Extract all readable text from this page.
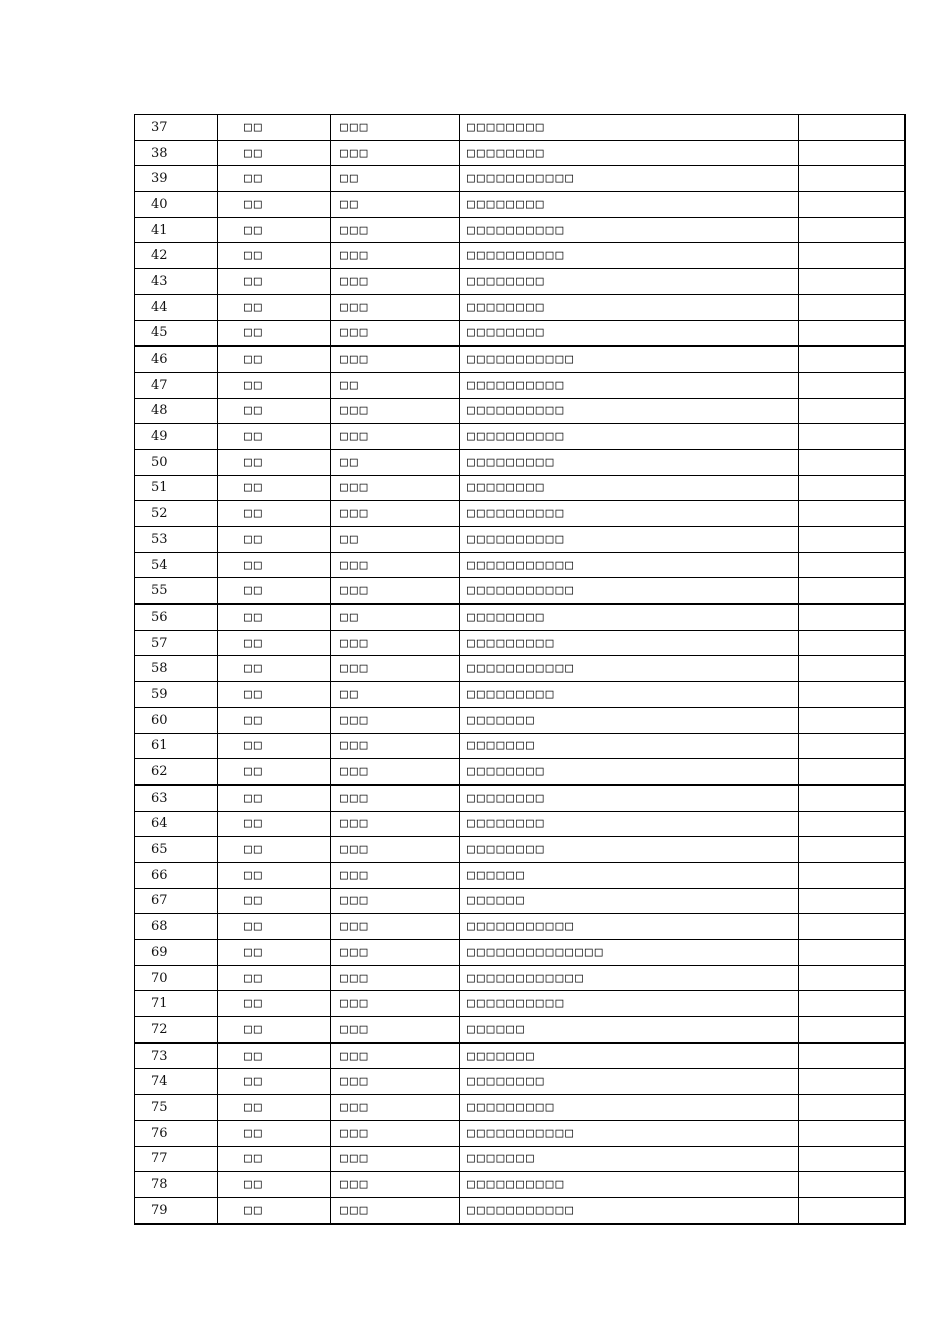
37	□□	□□□	□□□□□□□□	
38	□□	□□□	□□□□□□□□	
39	□□	□□	□□□□□□□□□□□	
40	□□	□□	□□□□□□□□	
41	□□	□□□	□□□□□□□□□□	
42	□□	□□□	□□□□□□□□□□	
43	□□	□□□	□□□□□□□□	
44	□□	□□□	□□□□□□□□	
45	□□	□□□	□□□□□□□□	
46	□□	□□□	□□□□□□□□□□□	
47	□□	□□	□□□□□□□□□□	
48	□□	□□□	□□□□□□□□□□	
49	□□	□□□	□□□□□□□□□□	
50	□□	□□	□□□□□□□□□	
51	□□	□□□	□□□□□□□□	
52	□□	□□□	□□□□□□□□□□	
53	□□	□□	□□□□□□□□□□	
54	□□	□□□	□□□□□□□□□□□	
55	□□	□□□	□□□□□□□□□□□	
56	□□	□□	□□□□□□□□	
57	□□	□□□	□□□□□□□□□	
58	□□	□□□	□□□□□□□□□□□	
59	□□	□□	□□□□□□□□□	
60	□□	□□□	□□□□□□□	
61	□□	□□□	□□□□□□□	
62	□□	□□□	□□□□□□□□	
63	□□	□□□	□□□□□□□□	
64	□□	□□□	□□□□□□□□	
65	□□	□□□	□□□□□□□□	
66	□□	□□□	□□□□□□	
67	□□	□□□	□□□□□□	
68	□□	□□□	□□□□□□□□□□□	
69	□□	□□□	□□□□□□□□□□□□□□	
70	□□	□□□	□□□□□□□□□□□□	
71	□□	□□□	□□□□□□□□□□	
72	□□	□□□	□□□□□□	
73	□□	□□□	□□□□□□□	
74	□□	□□□	□□□□□□□□	
75	□□	□□□	□□□□□□□□□	
76	□□	□□□	□□□□□□□□□□□	
77	□□	□□□	□□□□□□□	
78	□□	□□□	□□□□□□□□□□	
79	□□	□□□	□□□□□□□□□□□	
